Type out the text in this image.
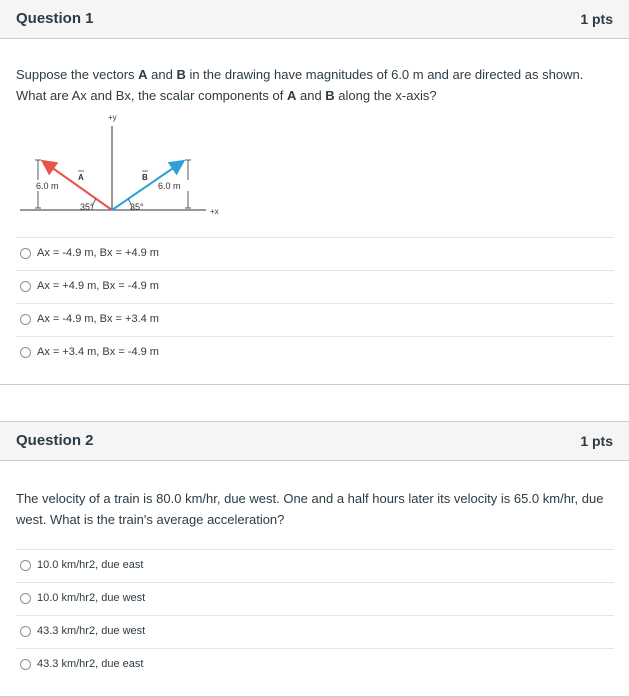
Question 1	1 pts
Suppose the vectors A and B in the drawing have magnitudes of 6.0 m and are directed as shown. What are Ax and Bx, the scalar components of A and B along the x-axis?
+y
+x
6.0 m	6.0 m
A	B
35°	35°
Ax = -4.9 m, Bx = +4.9 m
Ax = +4.9 m, Bx = -4.9 m
Ax = -4.9 m, Bx = +3.4 m
Ax = +3.4 m, Bx = -4.9 m
Question 2	1 pts
The velocity of a train is 80.0 km/hr, due west. One and a half hours later its velocity is 65.0 km/hr, due west. What is the train's average acceleration?
10.0 km/hr2, due east
10.0 km/hr2, due west
43.3 km/hr2, due west
43.3 km/hr2, due east
